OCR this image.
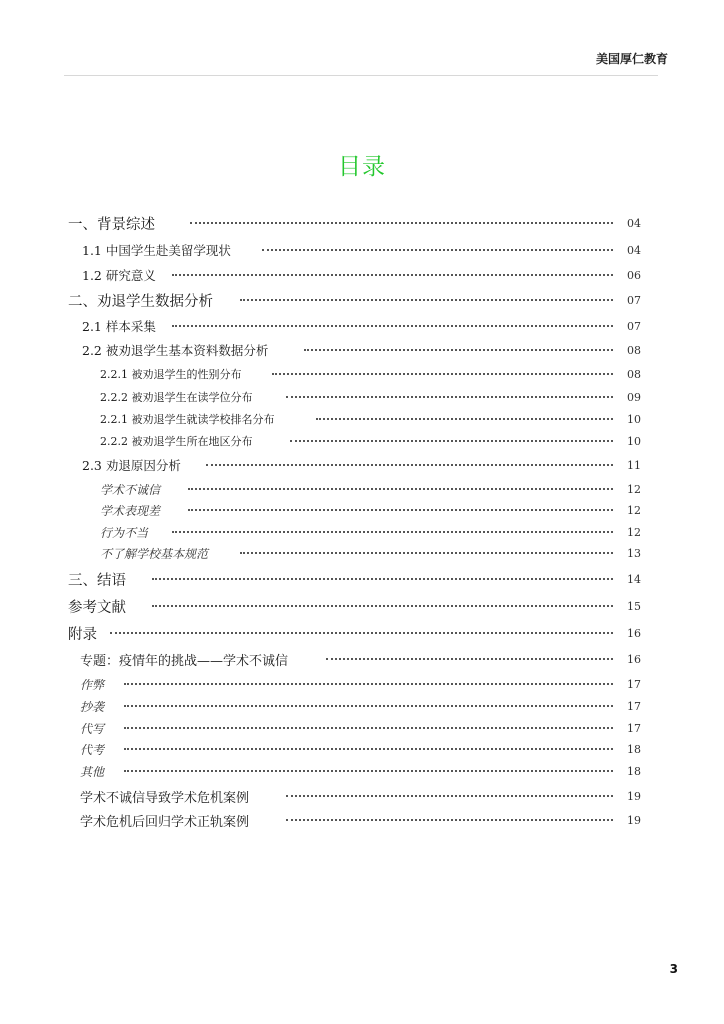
美国厚仁教育
目录
一、背景综述	04
1.1 中国学生赴美留学现状	04
1.2 研究意义	06
二、劝退学生数据分析	07
2.1 样本采集	07
2.2 被劝退学生基本资料数据分析	08
2.2.1 被劝退学生的性别分布	08
2.2.2 被劝退学生在读学位分布	09
2.2.1 被劝退学生就读学校排名分布	10
2.2.2 被劝退学生所在地区分布	10
2.3 劝退原因分析	11
学术不诚信	12
学术表现差	12
行为不当	12
不了解学校基本规范	13
三、结语	14
参考文献	15
附录	16
专题：疫情年的挑战——学术不诚信	16
作弊	17
抄袭	17
代写	17
代考	18
其他	18
学术不诚信导致学术危机案例	19
学术危机后回归学术正轨案例	19
3
